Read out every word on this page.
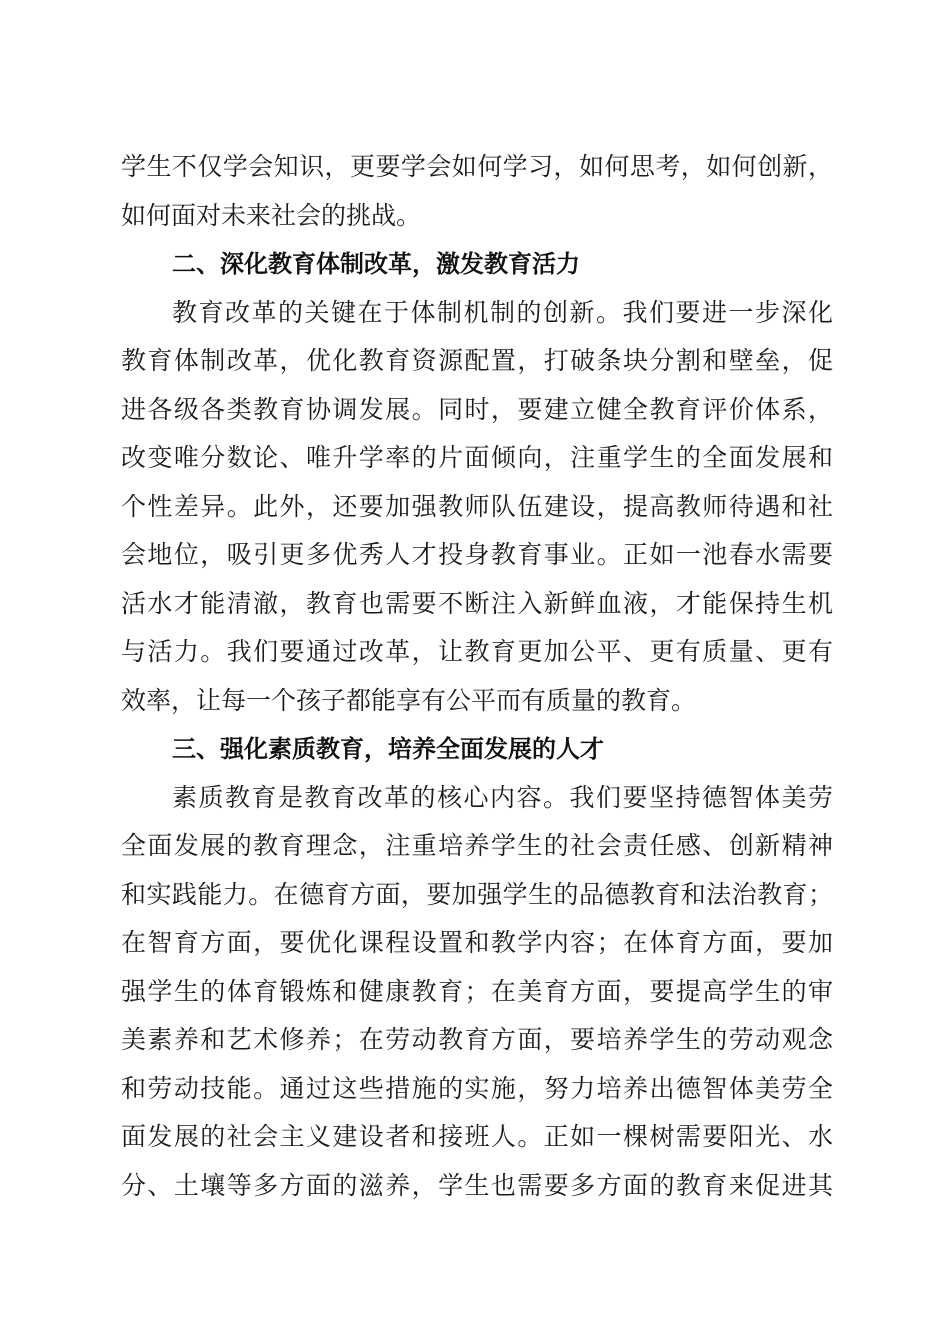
学生不仅学会知识，更要学会如何学习，如何思考，如何创新，
如何面对未来社会的挑战。
二、深化教育体制改革，激发教育活力
教育改革的关键在于体制机制的创新。我们要进一步深化
教育体制改革，优化教育资源配置，打破条块分割和壁垒，促
进各级各类教育协调发展。同时，要建立健全教育评价体系，
改变唯分数论、唯升学率的片面倾向，注重学生的全面发展和
个性差异。此外，还要加强教师队伍建设，提高教师待遇和社
会地位，吸引更多优秀人才投身教育事业。正如一池春水需要
活水才能清澈，教育也需要不断注入新鲜血液，才能保持生机
与活力。我们要通过改革，让教育更加公平、更有质量、更有
效率，让每一个孩子都能享有公平而有质量的教育。
三、强化素质教育，培养全面发展的人才
素质教育是教育改革的核心内容。我们要坚持德智体美劳
全面发展的教育理念，注重培养学生的社会责任感、创新精神
和实践能力。在德育方面，要加强学生的品德教育和法治教育；
在智育方面，要优化课程设置和教学内容；在体育方面，要加
强学生的体育锻炼和健康教育；在美育方面，要提高学生的审
美素养和艺术修养；在劳动教育方面，要培养学生的劳动观念
和劳动技能。通过这些措施的实施，努力培养出德智体美劳全
面发展的社会主义建设者和接班人。正如一棵树需要阳光、水
分、土壤等多方面的滋养，学生也需要多方面的教育来促进其
